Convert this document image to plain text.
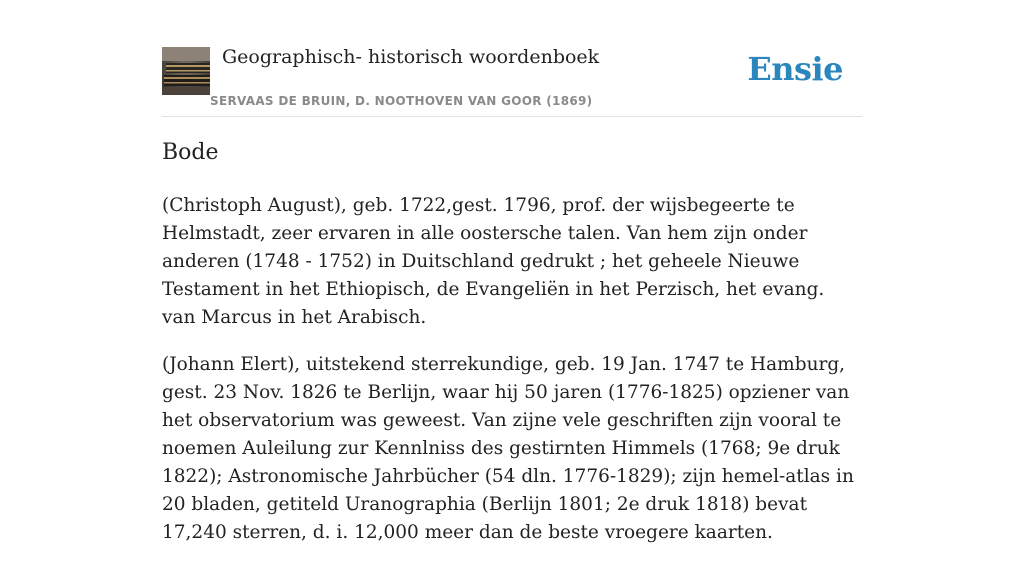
Geographisch- historisch woordenboek
SERVAAS DE BRUIN, D. NOOTHOVEN VAN GOOR (1869)
Ensie
Bode

(Christoph August), geb. 1722,gest. 1796, prof. der wijsbegeerte te Helmstadt, zeer ervaren in alle oostersche talen. Van hem zijn onder anderen (1748 - 1752) in Duitschland gedrukt ; het geheele Nieuwe Testament in het Ethiopisch, de Evangeliën in het Perzisch, het evang. van Marcus in het Arabisch.

(Johann Elert), uitstekend sterrekundige, geb. 19 Jan. 1747 te Hamburg, gest. 23 Nov. 1826 te Berlijn, waar hij 50 jaren (1776-1825) opziener van het observatorium was geweest. Van zijne vele geschriften zijn vooral te noemen Auleilung zur Kennlniss des gestirnten Himmels (1768; 9e druk 1822); Astronomische Jahrbücher (54 dln. 1776-1829); zijn hemel-atlas in 20 bladen, getiteld Uranographia (Berlijn 1801; 2e druk 1818) bevat 17,240 sterren, d. i. 12,000 meer dan de beste vroegere kaarten.
